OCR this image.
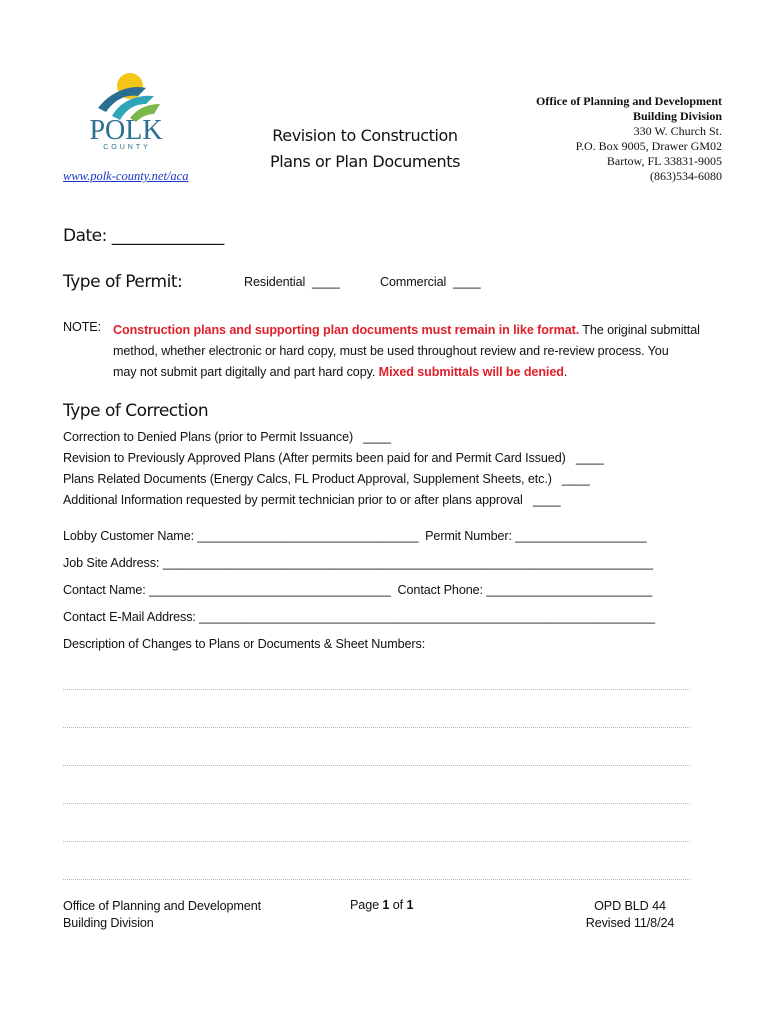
POLK
COUNTY
www.polk-county.net/aca
Revision to Construction
Plans or Plan Documents
Office of Planning and Development
Building Division
330 W. Church St.
P.O. Box 9005, Drawer GM02
Bartow, FL 33831-9005
(863)534-6080
Date: ______________
Type of Permit:	Residential  ____	Commercial  ____
NOTE: Construction plans and supporting plan documents must remain in like format. The original submittal
method, whether electronic or hard copy, must be used throughout review and re-review process. You
may not submit part digitally and part hard copy. Mixed submittals will be denied.
Type of Correction
Correction to Denied Plans (prior to Permit Issuance)   ____
Revision to Previously Approved Plans (After permits been paid for and Permit Card Issued)   ____
Plans Related Documents (Energy Calcs, FL Product Approval, Supplement Sheets, etc.)   ____
Additional Information requested by permit technician prior to or after plans approval   ____
Lobby Customer Name: ________________________________  Permit Number: ___________________
Job Site Address: _______________________________________________________________________
Contact Name: ___________________________________  Contact Phone: ________________________
Contact E-Mail Address: __________________________________________________________________
Description of Changes to Plans or Documents & Sheet Numbers:
Office of Planning and Development
Building Division
Page 1 of 1	OPD BLD 44
Revised 11/8/24
